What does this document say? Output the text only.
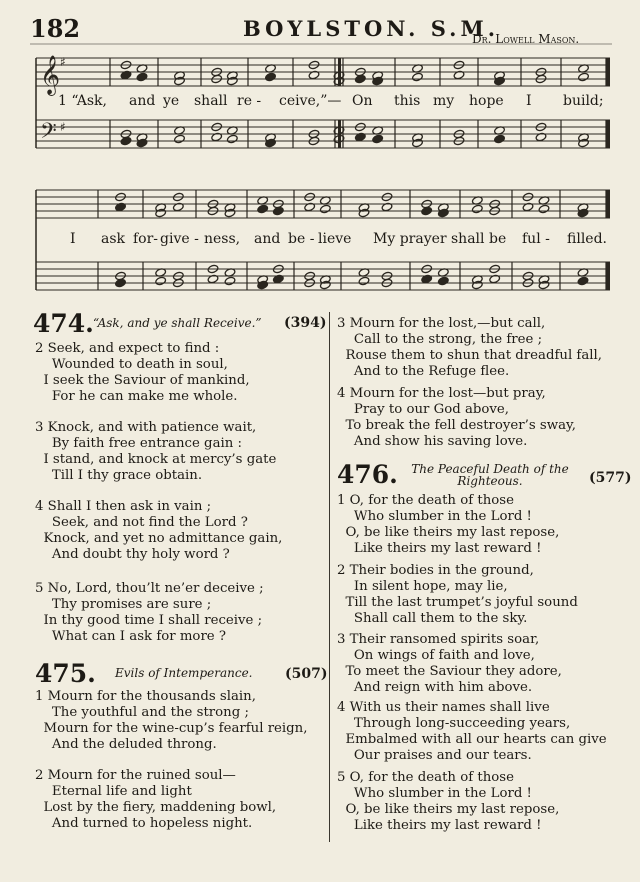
182	BOYLSTON. S.M.
Dr. Lowell Mason.
𝄞
𝄢
♯
♯
1 “Ask, and ye shall re - ceive,”— On this my hope I build;
I ask for- give - ness, and be - lieve My prayer shall be ful - filled.
474. “Ask, and ye shall Receive.” (394)
2 Seek, and expect to find :
Wounded to death in soul,
I seek the Saviour of mankind,
For he can make me whole.
3 Knock, and with patience wait,
By faith free entrance gain :
I stand, and knock at mercy’s gate
Till I thy grace obtain.
4 Shall I then ask in vain ;
Seek, and not find the Lord ?
Knock, and yet no admittance gain,
And doubt thy holy word ?
5 No, Lord, thou’lt ne’er deceive ;
Thy promises are sure ;
In thy good time I shall receive ;
What can I ask for more ?
475. Evils of Intemperance. (507)
1 Mourn for the thousands slain,
The youthful and the strong ;
Mourn for the wine-cup’s fearful reign,
And the deluded throng.
2 Mourn for the ruined soul—
Eternal life and light
Lost by the fiery, maddening bowl,
And turned to hopeless night.
3 Mourn for the lost,—but call,
Call to the strong, the free ;
Rouse them to shun that dreadful fall,
And to the Refuge flee.
4 Mourn for the lost—but pray,
Pray to our God above,
To break the fell destroyer’s sway,
And show his saving love.
476.	The Peaceful Death of the Righteous.	(577)
1 O, for the death of those
Who slumber in the Lord !
O, be like theirs my last repose,
Like theirs my last reward !
2 Their bodies in the ground,
In silent hope, may lie,
Till the last trumpet’s joyful sound
Shall call them to the sky.
3 Their ransomed spirits soar,
On wings of faith and love,
To meet the Saviour they adore,
And reign with him above.
4 With us their names shall live
Through long-succeeding years,
Embalmed with all our hearts can give
Our praises and our tears.
5 O, for the death of those
Who slumber in the Lord !
O, be like theirs my last repose,
Like theirs my last reward !
